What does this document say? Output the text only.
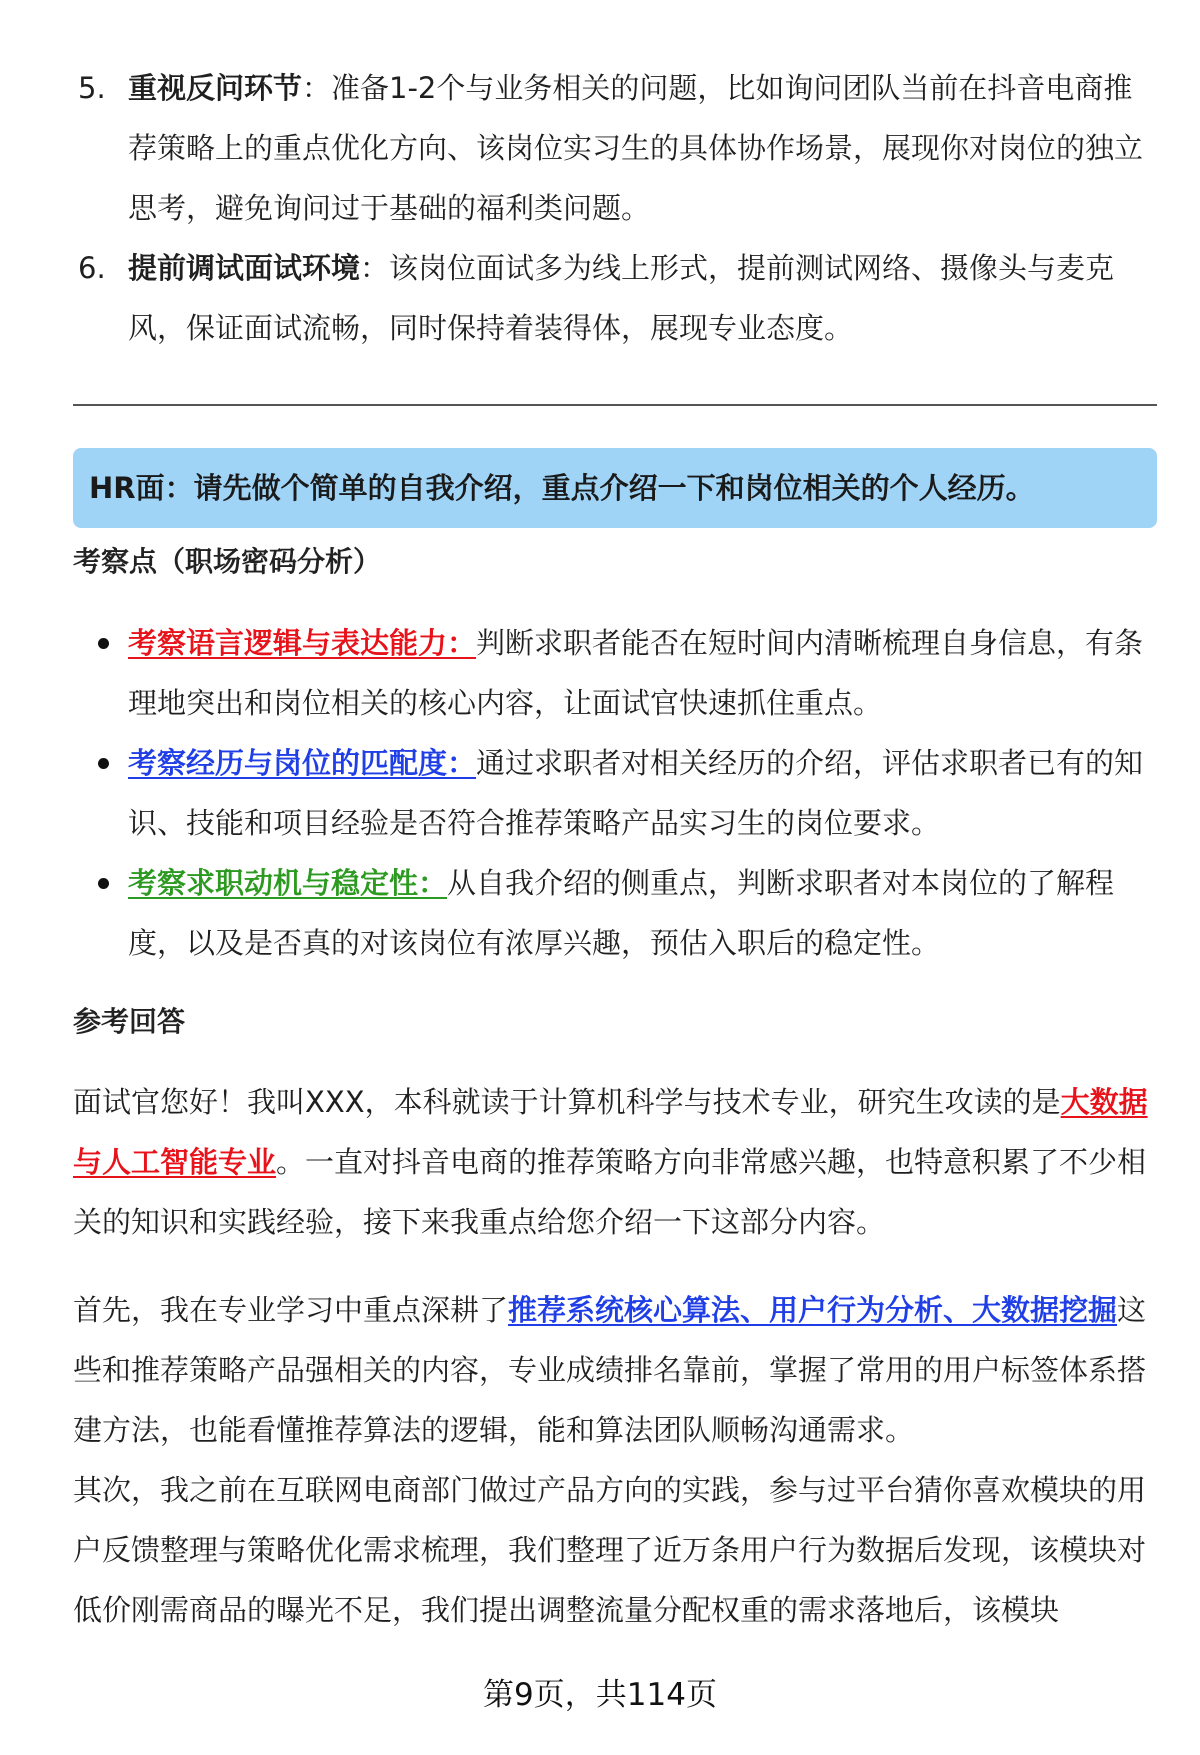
5. 重视反问环节：准备1-2个与业务相关的问题，比如询问团队当前在抖音电商推荐策略上的重点优化方向、该岗位实习生的具体协作场景，展现你对岗位的独立思考，避免询问过于基础的福利类问题。
6. 提前调试面试环境：该岗位面试多为线上形式，提前测试网络、摄像头与麦克风，保证面试流畅，同时保持着装得体，展现专业态度。
HR面：请先做个简单的自我介绍，重点介绍一下和岗位相关的个人经历。
考察点（职场密码分析）
考察语言逻辑与表达能力：判断求职者能否在短时间内清晰梳理自身信息，有条理地突出和岗位相关的核心内容，让面试官快速抓住重点。
考察经历与岗位的匹配度：通过求职者对相关经历的介绍，评估求职者已有的知识、技能和项目经验是否符合推荐策略产品实习生的岗位要求。
考察求职动机与稳定性：从自我介绍的侧重点，判断求职者对本岗位的了解程度，以及是否真的对该岗位有浓厚兴趣，预估入职后的稳定性。
参考回答
面试官您好！我叫XXX，本科就读于计算机科学与技术专业，研究生攻读的是大数据与人工智能专业。一直对抖音电商的推荐策略方向非常感兴趣，也特意积累了不少相关的知识和实践经验，接下来我重点给您介绍一下这部分内容。
首先，我在专业学习中重点深耕了推荐系统核心算法、用户行为分析、大数据挖掘这些和推荐策略产品强相关的内容，专业成绩排名靠前，掌握了常用的用户标签体系搭建方法，也能看懂推荐算法的逻辑，能和算法团队顺畅沟通需求。
其次，我之前在互联网电商部门做过产品方向的实践，参与过平台猜你喜欢模块的用户反馈整理与策略优化需求梳理，我们整理了近万条用户行为数据后发现，该模块对低价刚需商品的曝光不足，我们提出调整流量分配权重的需求落地后，该模块
第9页，共114页
